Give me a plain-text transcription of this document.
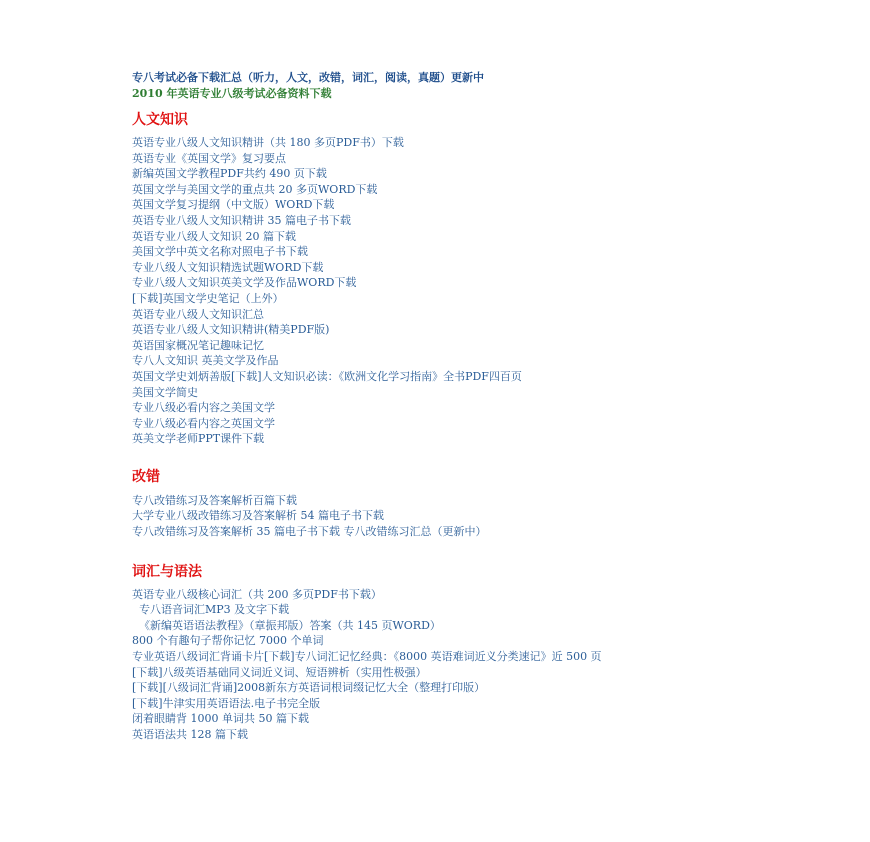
专八考试必备下载汇总（听力，人文，改错，词汇，阅读，真题）更新中
2010 年英语专业八级考试必备资料下载
人文知识
英语专业八级人文知识精讲（共 180 多页PDF书）下载
英语专业《英国文学》复习要点
新编英国文学教程PDF共约 490 页下载
英国文学与美国文学的重点共 20 多页WORD下载
英国文学复习提纲（中文版）WORD下载
英语专业八级人文知识精讲 35 篇电子书下载
英语专业八级人文知识 20 篇下载
美国文学中英文名称对照电子书下载
专业八级人文知识精选试题WORD下载
专业八级人文知识英美文学及作品WORD下载
[下载]英国文学史笔记（上外）
英语专业八级人文知识汇总
英语专业八级人文知识精讲(精美PDF版)
英语国家概况笔记趣味记忆
专八人文知识 英美文学及作品
英国文学史刘炳善版[下载]人文知识必读：《欧洲文化学习指南》全书PDF四百页
美国文学简史
专业八级必看内容之美国文学
专业八级必看内容之英国文学
英美文学老师PPT课件下载
改错
专八改错练习及答案解析百篇下载
大学专业八级改错练习及答案解析 54 篇电子书下载
专八改错练习及答案解析 35 篇电子书下载 专八改错练习汇总（更新中）
词汇与语法
英语专业八级核心词汇（共 200 多页PDF书下载）
专八语音词汇MP3 及文字下载
《新编英语语法教程》（章振邦版）答案（共 145 页WORD）
800 个有趣句子帮你记忆 7000 个单词
专业英语八级词汇背诵卡片[下载]专八词汇记忆经典：《8000 英语难词近义分类速记》近 500 页
[下载]八级英语基础同义词近义词、短语辨析（实用性极强）
[下载][八级词汇背诵]2008新东方英语词根词缀记忆大全（整理打印版）
[下载]牛津实用英语语法.电子书完全版
闭着眼睛背 1000 单词共 50 篇下载
英语语法共 128 篇下载
